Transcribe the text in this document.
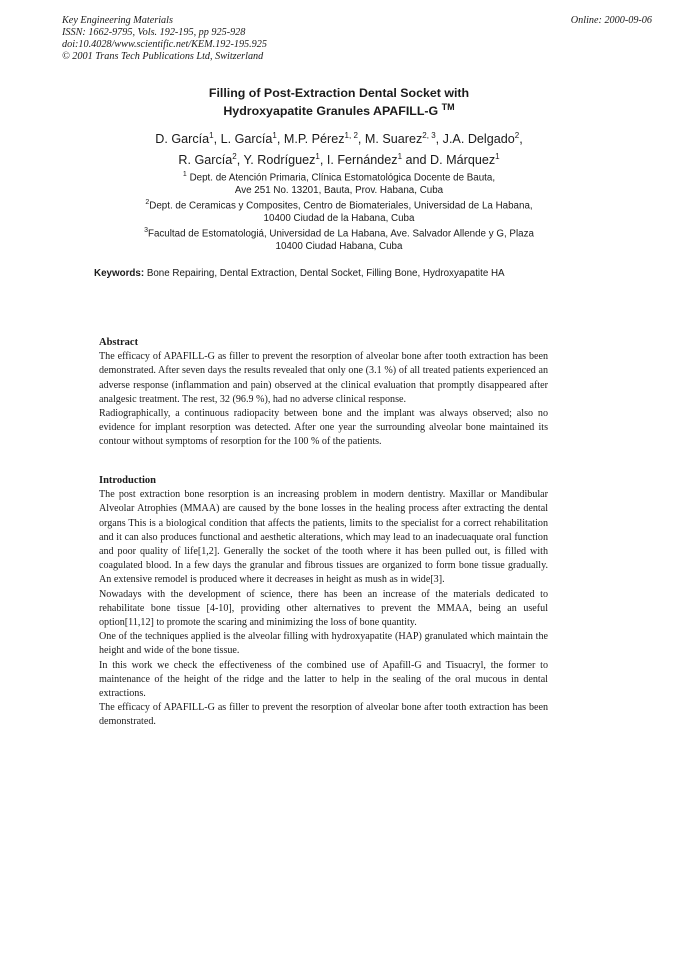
Key Engineering Materials
ISSN: 1662-9795, Vols. 192-195, pp 925-928
doi:10.4028/www.scientific.net/KEM.192-195.925
© 2001 Trans Tech Publications Ltd, Switzerland
Online: 2000-09-06
Filling of Post-Extraction Dental Socket with
Hydroxyapatite Granules APAFILL-G ™
D. García$^1$, L. García$^1$, M.P. Pérez$^{1, 2}$, M. Suarez$^{2, 3}$, J.A. Delgado$^2$,
R. García$^2$, Y. Rodríguez$^1$, I. Fernández$^1$ and D. Márquez$^1$
$^1$ Dept. de Atención Primaria, Clínica Estomatológica Docente de Bauta,
Ave 251 No. 13201, Bauta, Prov. Habana, Cuba
$^2$Dept. de Ceramicas y Composites, Centro de Biomateriales, Universidad de La Habana,
10400 Ciudad de la Habana, Cuba
$^3$Facultad de Estomatologiá, Universidad de La Habana, Ave. Salvador Allende y G, Plaza
10400 Ciudad Habana, Cuba
Keywords: Bone Repairing, Dental Extraction, Dental Socket, Filling Bone, Hydroxyapatite HA
Abstract

The efficacy of APAFILL-G as filler to prevent the resorption of alveolar bone after tooth extraction has been demonstrated. After seven days the results revealed that only one (3.1 %) of all treated patients experienced an adverse response (inflammation and pain) observed at the clinical evaluation that promptly disappeared after analgesic treatment. The rest, 32 (96.9 %), had no adverse clinical response.

Radiographically, a continuous radiopacity between bone and the implant was always observed; also no evidence for implant resorption was detected. After one year the surrounding alveolar bone maintained its contour without symptoms of resorption for the 100 % of the patients.

Introduction

The post extraction bone resorption is an increasing problem in modern dentistry. Maxillar or Mandibular Alveolar Atrophies (MMAA) are caused by the bone losses in the healing process after extracting the dental organs This is a biological condition that affects the patients, limits to the specialist for a correct rehabilitation and it can also produces functional and aesthetic alterations, which may lead to an inadecuaquate oral function and poor quality of life[1,2]. Generally the socket of the tooth where it has been pulled out, is filled with coagulated blood. In a few days the granular and fibrous tissues are organized to form bone tissue gradually. An extensive remodel is produced where it decreases in height as mush as in wide[3].

Nowadays with the development of science, there has been an increase of the materials dedicated to rehabilitate bone tissue [4-10], providing other alternatives to prevent the MMAA, being an useful option[11,12] to promote the scaring and minimizing the loss of bone quantity.

One of the techniques applied is the alveolar filling with hydroxyapatite (HAP) granulated which maintain the height and wide of the bone tissue.

In this work we check the effectiveness of the combined use of Apafill-G and Tisuacryl, the former to maintenance of the height of the ridge and the latter to help in the sealing of the oral mucous in dental extractions.

The efficacy of APAFILL-G as filler to prevent the resorption of alveolar bone after tooth extraction has been demonstrated.
